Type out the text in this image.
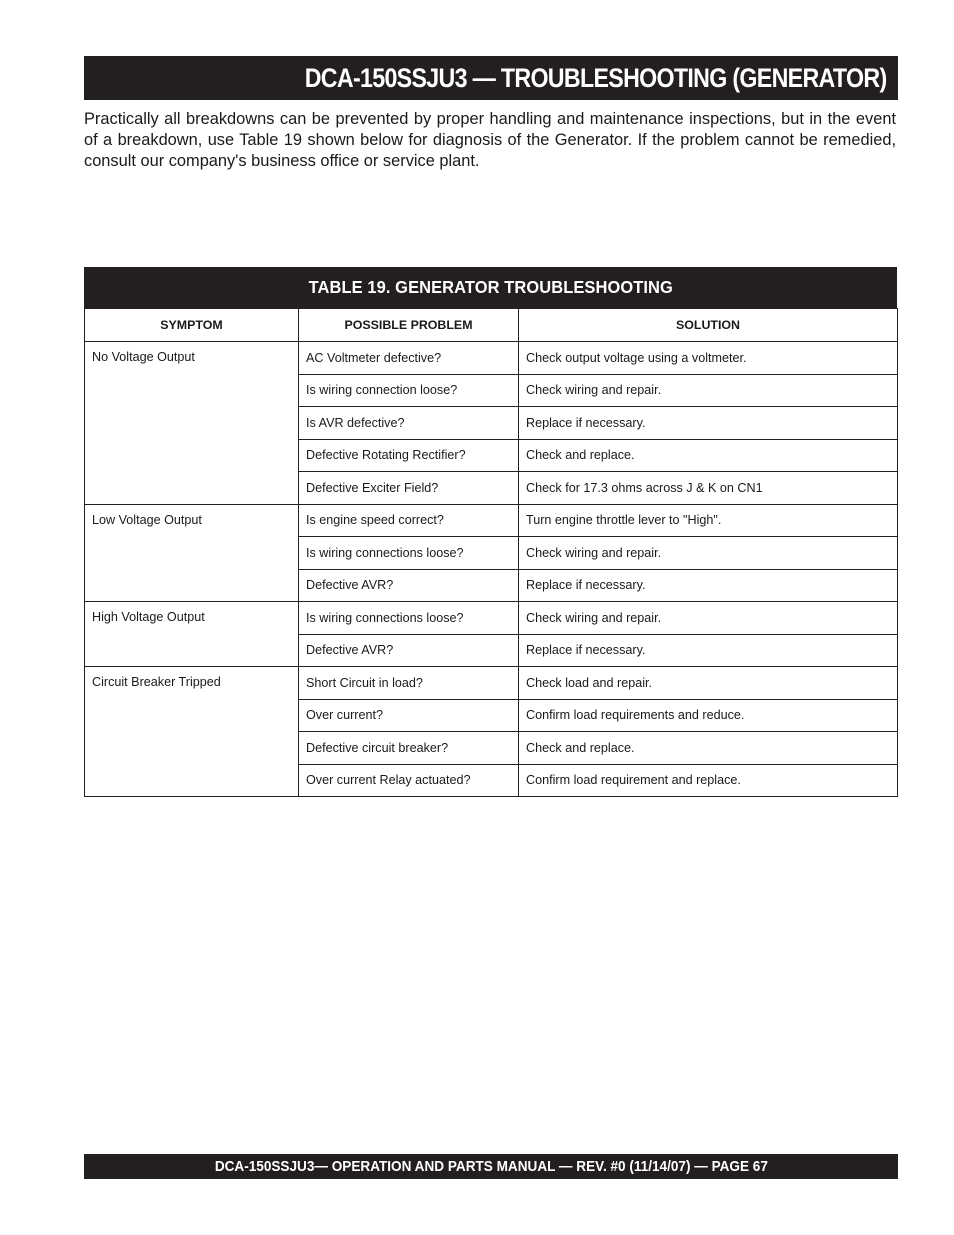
DCA-150SSJU3 — TROUBLESHOOTING (GENERATOR)

Practically all breakdowns can be prevented by proper handling and maintenance inspections, but in the event of a breakdown, use Table 19 shown below for diagnosis of the Generator. If the problem cannot be remedied, consult our company's business office or service plant.

TABLE 19. GENERATOR TROUBLESHOOTING
SYMPTOM	POSSIBLE PROBLEM	SOLUTION
No Voltage Output	AC Voltmeter defective?	Check output voltage using a voltmeter.
	Is wiring connection loose?	Check wiring and repair.
	Is AVR defective?	Replace if necessary.
	Defective Rotating Rectifier?	Check and replace.
	Defective Exciter Field?	Check for 17.3 ohms across J & K on CN1
Low Voltage Output	Is engine speed correct?	Turn engine throttle lever to "High".
	Is wiring connections loose?	Check wiring and repair.
	Defective AVR?	Replace if necessary.
High Voltage Output	Is wiring connections loose?	Check wiring and repair.
	Defective AVR?	Replace if necessary.
Circuit Breaker Tripped	Short Circuit in load?	Check load and repair.
	Over current?	Confirm load requirements and reduce.
	Defective circuit breaker?	Check and replace.
	Over current Relay actuated?	Confirm load requirement and replace.
DCA-150SSJU3— OPERATION AND PARTS MANUAL — REV. #0 (11/14/07) — PAGE 67
